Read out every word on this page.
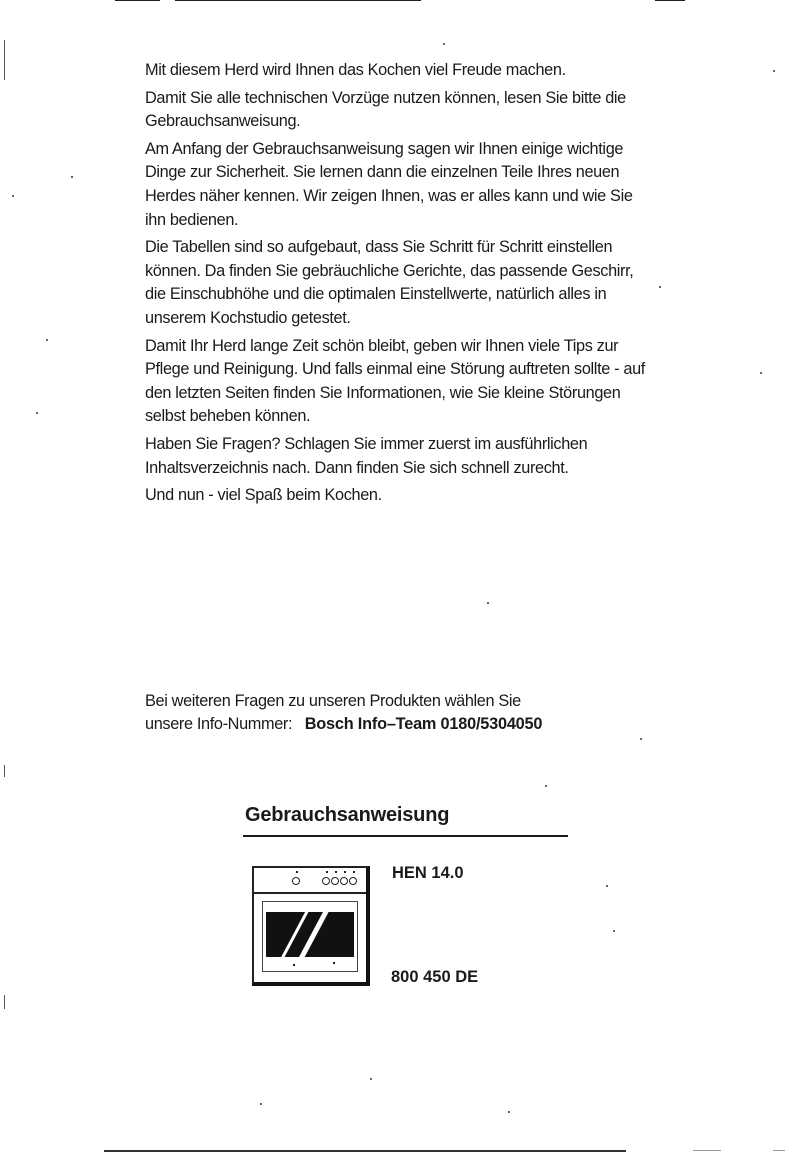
Mit diesem Herd wird Ihnen das Kochen viel Freude machen.

Damit Sie alle technischen Vorzüge nutzen können, lesen Sie bitte die Gebrauchsanweisung.

Am Anfang der Gebrauchsanweisung sagen wir Ihnen einige wichtige Dinge zur Sicherheit. Sie lernen dann die einzelnen Teile Ihres neuen Herdes näher kennen. Wir zeigen Ihnen, was er alles kann und wie Sie ihn bedienen.

Die Tabellen sind so aufgebaut, dass Sie Schritt für Schritt einstellen können. Da finden Sie gebräuchliche Gerichte, das passende Geschirr, die Einschubhöhe und die optimalen Einstellwerte, natürlich alles in unserem Kochstudio getestet.

Damit Ihr Herd lange Zeit schön bleibt, geben wir Ihnen viele Tips zur Pflege und Reinigung. Und falls einmal eine Störung auftreten sollte - auf den letzten Seiten finden Sie Informationen, wie Sie kleine Störungen selbst beheben können.

Haben Sie Fragen? Schlagen Sie immer zuerst im ausführlichen Inhaltsverzeichnis nach. Dann finden Sie sich schnell zurecht.

Und nun - viel Spaß beim Kochen.

Bei weiteren Fragen zu unseren Produkten wählen Sie
unsere Info-Nummer: Bosch Info–Team 0180/5304050
Gebrauchsanweisung
HEN 14.0
800 450 DE
